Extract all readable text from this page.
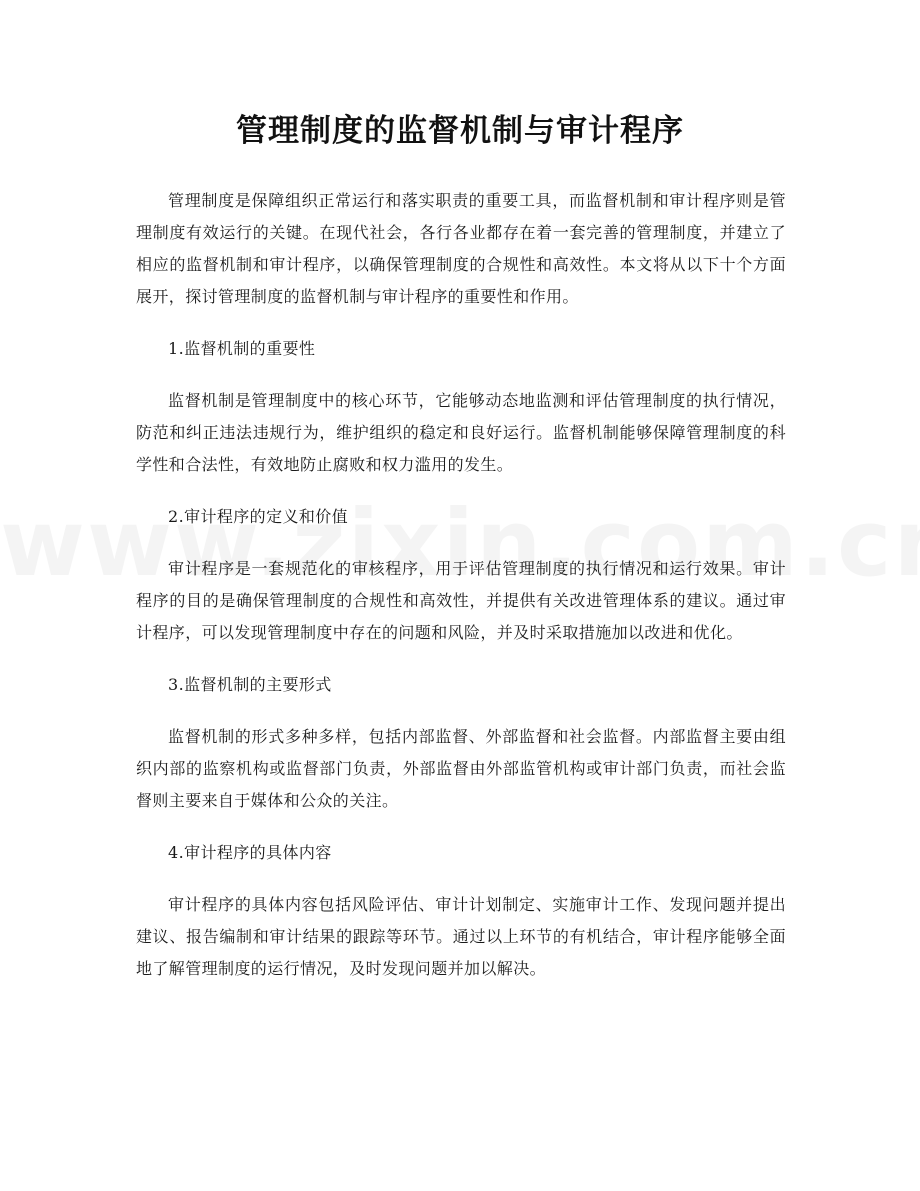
管理制度的监督机制与审计程序

管理制度是保障组织正常运行和落实职责的重要工具，而监督机制和审计程序则是管理制度有效运行的关键。在现代社会，各行各业都存在着一套完善的管理制度，并建立了相应的监督机制和审计程序，以确保管理制度的合规性和高效性。本文将从以下十个方面展开，探讨管理制度的监督机制与审计程序的重要性和作用。

1.监督机制的重要性

监督机制是管理制度中的核心环节，它能够动态地监测和评估管理制度的执行情况，防范和纠正违法违规行为，维护组织的稳定和良好运行。监督机制能够保障管理制度的科学性和合法性，有效地防止腐败和权力滥用的发生。

2.审计程序的定义和价值

审计程序是一套规范化的审核程序，用于评估管理制度的执行情况和运行效果。审计程序的目的是确保管理制度的合规性和高效性，并提供有关改进管理体系的建议。通过审计程序，可以发现管理制度中存在的问题和风险，并及时采取措施加以改进和优化。

3.监督机制的主要形式

监督机制的形式多种多样，包括内部监督、外部监督和社会监督。内部监督主要由组织内部的监察机构或监督部门负责，外部监督由外部监管机构或审计部门负责，而社会监督则主要来自于媒体和公众的关注。

4.审计程序的具体内容

审计程序的具体内容包括风险评估、审计计划制定、实施审计工作、发现问题并提出建议、报告编制和审计结果的跟踪等环节。通过以上环节的有机结合，审计程序能够全面地了解管理制度的运行情况，及时发现问题并加以解决。
